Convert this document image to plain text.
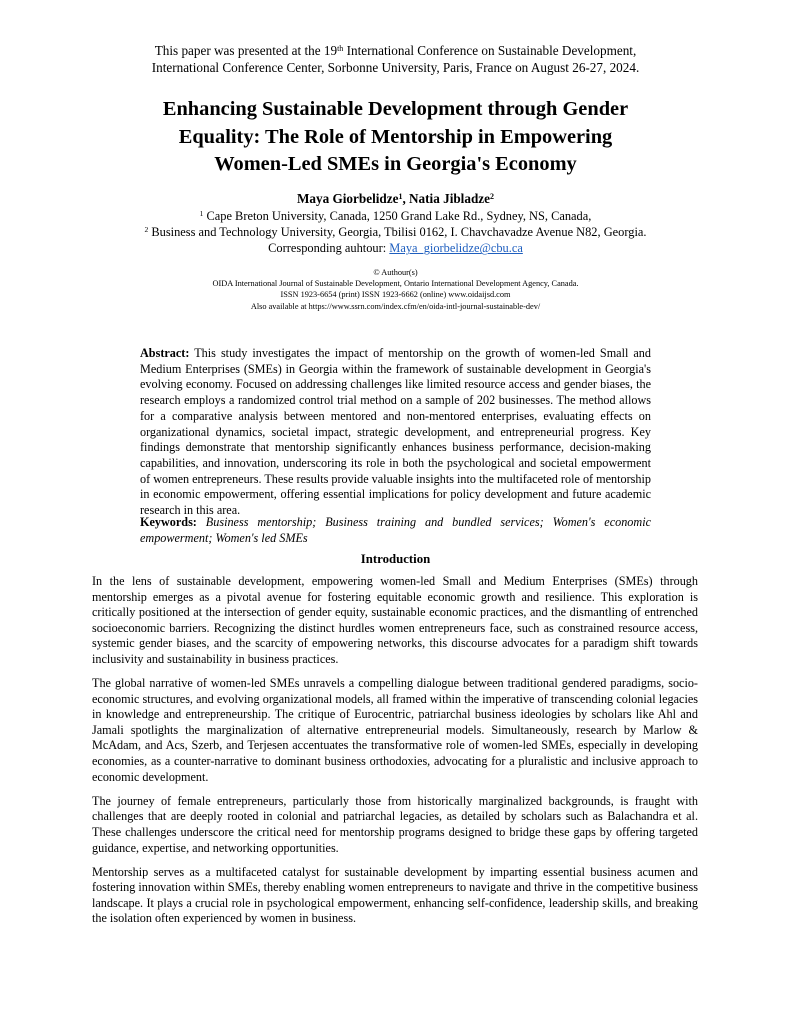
This paper was presented at the 19th International Conference on Sustainable Development,
International Conference Center, Sorbonne University, Paris, France on August 26-27, 2024.
Enhancing Sustainable Development through Gender
Equality: The Role of Mentorship in Empowering
Women-Led SMEs in Georgia's Economy
Maya Giorbelidze$^1$, Natia Jibladze$^2$
$^1$ Cape Breton University, Canada, 1250 Grand Lake Rd., Sydney, NS, Canada,
$^2$ Business and Technology University, Georgia, Tbilisi 0162, I. Chavchavadze Avenue N82, Georgia.
Corresponding auhtour: Maya_giorbelidze@cbu.ca
© Authour(s)
OIDA International Journal of Sustainable Development, Ontario International Development Agency, Canada.
ISSN 1923-6654 (print) ISSN 1923-6662 (online) www.oidaijsd.com
Also available at https://www.ssrn.com/index.cfm/en/oida-intl-journal-sustainable-dev/
Abstract: This study investigates the impact of mentorship on the growth of women-led Small and Medium Enterprises (SMEs) in Georgia within the framework of sustainable development in Georgia's evolving economy. Focused on addressing challenges like limited resource access and gender biases, the research employs a randomized control trial method on a sample of 202 businesses. The method allows for a comparative analysis between mentored and non-mentored enterprises, evaluating effects on organizational dynamics, societal impact, strategic development, and entrepreneurial progress. Key findings demonstrate that mentorship significantly enhances business performance, decision-making capabilities, and innovation, underscoring its role in both the psychological and societal empowerment of women entrepreneurs. These results provide valuable insights into the multifaceted role of mentorship in economic empowerment, offering essential implications for policy development and future academic research in this area.
Keywords: Business mentorship; Business training and bundled services; Women's economic empowerment; Women's led SMEs
Introduction

In the lens of sustainable development, empowering women-led Small and Medium Enterprises (SMEs) through mentorship emerges as a pivotal avenue for fostering equitable economic growth and resilience. This exploration is critically positioned at the intersection of gender equity, sustainable economic practices, and the dismantling of entrenched socioeconomic barriers. Recognizing the distinct hurdles women entrepreneurs face, such as constrained resource access, systemic gender biases, and the scarcity of empowering networks, this discourse advocates for a paradigm shift towards inclusivity and sustainability in business practices.

The global narrative of women-led SMEs unravels a compelling dialogue between traditional gendered paradigms, socio-economic structures, and evolving organizational models, all framed within the imperative of transcending colonial legacies in knowledge and entrepreneurship. The critique of Eurocentric, patriarchal business ideologies by scholars like Ahl and Jamali spotlights the marginalization of alternative entrepreneurial models. Simultaneously, research by Marlow & McAdam, and Acs, Szerb, and Terjesen accentuates the transformative role of women-led SMEs, especially in developing economies, as a counter-narrative to dominant business orthodoxies, advocating for a pluralistic and inclusive approach to economic development.

The journey of female entrepreneurs, particularly those from historically marginalized backgrounds, is fraught with challenges that are deeply rooted in colonial and patriarchal legacies, as detailed by scholars such as Balachandra et al. These challenges underscore the critical need for mentorship programs designed to bridge these gaps by offering targeted guidance, expertise, and networking opportunities.

Mentorship serves as a multifaceted catalyst for sustainable development by imparting essential business acumen and fostering innovation within SMEs, thereby enabling women entrepreneurs to navigate and thrive in the competitive business landscape. It plays a crucial role in psychological empowerment, enhancing self-confidence, leadership skills, and breaking the isolation often experienced by women in business.
